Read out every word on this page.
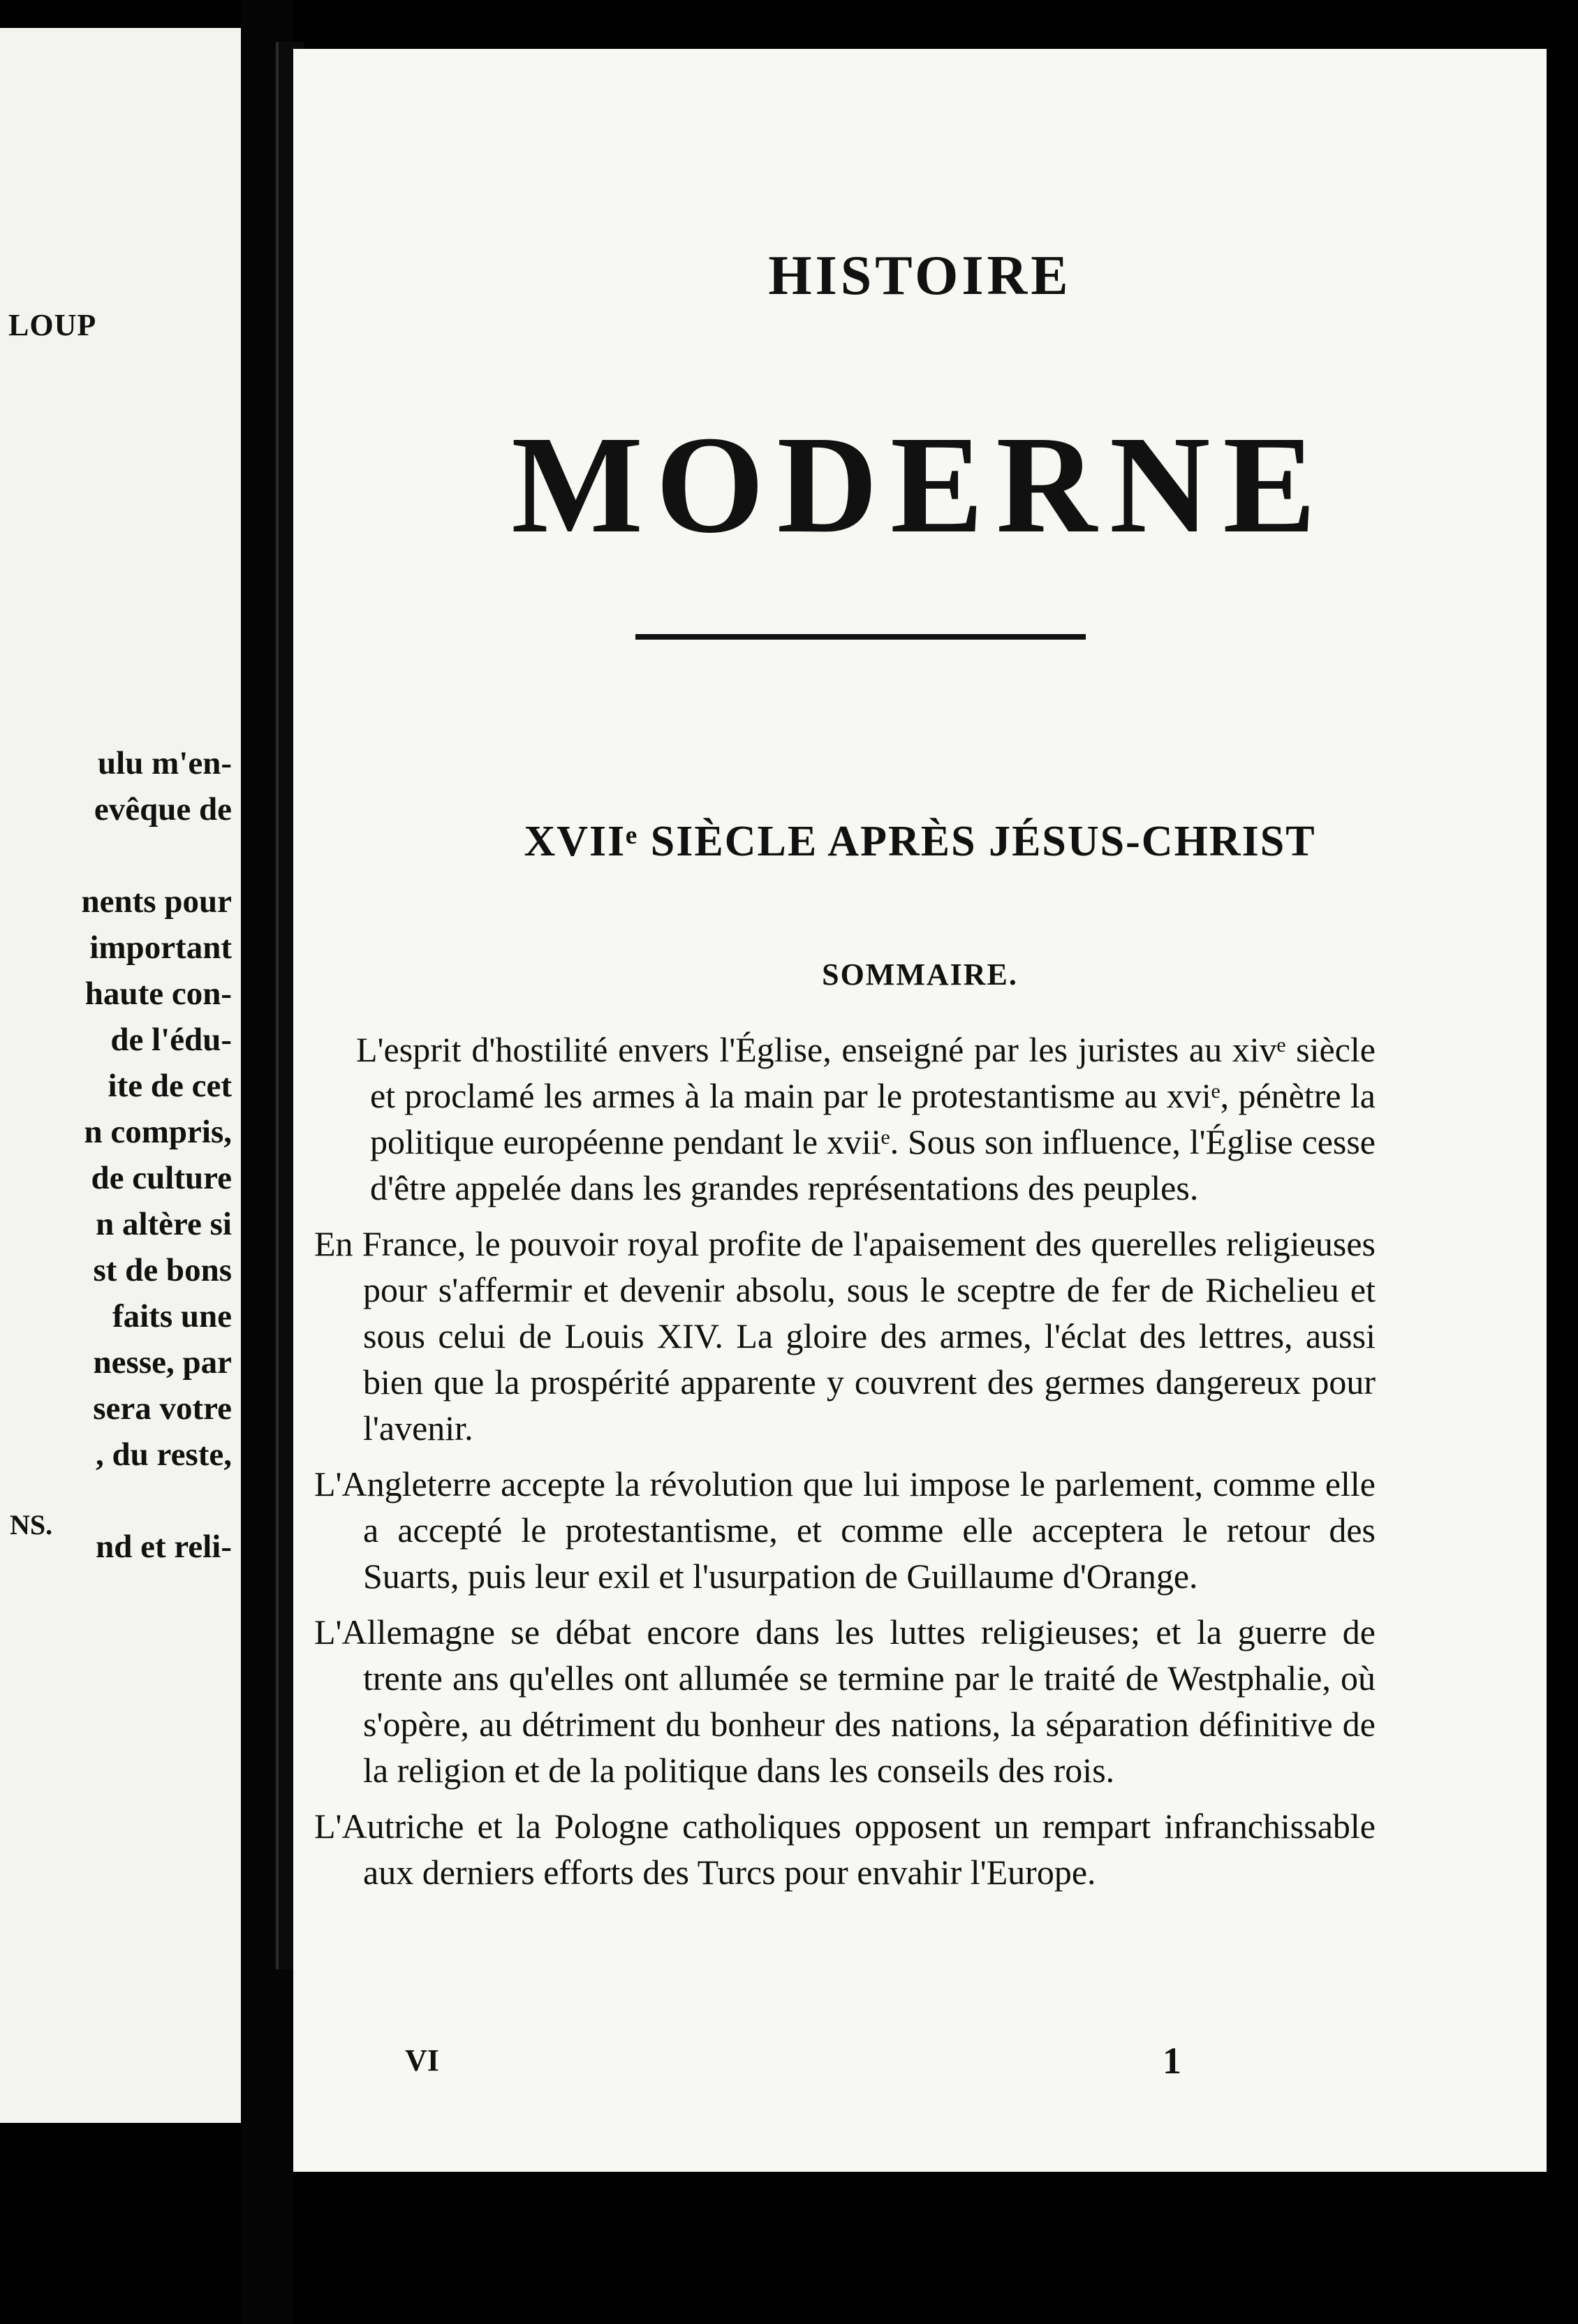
LOUP
ulu m'en-
evêque de

nents pour
important
haute con-
de l'édu-
ite de cet
n compris,
de culture
n altère si
st de bons
faits une
nesse, par
sera votre
, du reste,

nd et reli-
NS.
HISTOIRE
MODERNE
XVIIᵉ SIÈCLE APRÈS JÉSUS-CHRIST
SOMMAIRE.

L'esprit d'hostilité envers l'Église, enseigné par les juristes au xivᵉ siècle et proclamé les armes à la main par le protestantisme au xviᵉ, pénètre la politique européenne pendant le xviiᵉ. Sous son influence, l'Église cesse d'être appelée dans les grandes représentations des peuples.

En France, le pouvoir royal profite de l'apaisement des querelles religieuses pour s'affermir et devenir absolu, sous le sceptre de fer de Richelieu et sous celui de Louis XIV. La gloire des armes, l'éclat des lettres, aussi bien que la prospérité apparente y couvrent des germes dangereux pour l'avenir.

L'Angleterre accepte la révolution que lui impose le parlement, comme elle a accepté le protestantisme, et comme elle acceptera le retour des Suarts, puis leur exil et l'usurpation de Guillaume d'Orange.

L'Allemagne se débat encore dans les luttes religieuses; et la guerre de trente ans qu'elles ont allumée se termine par le traité de Westphalie, où s'opère, au détriment du bonheur des nations, la séparation définitive de la religion et de la politique dans les conseils des rois.

L'Autriche et la Pologne catholiques opposent un rempart infranchissable aux derniers efforts des Turcs pour envahir l'Europe.

VI	1
